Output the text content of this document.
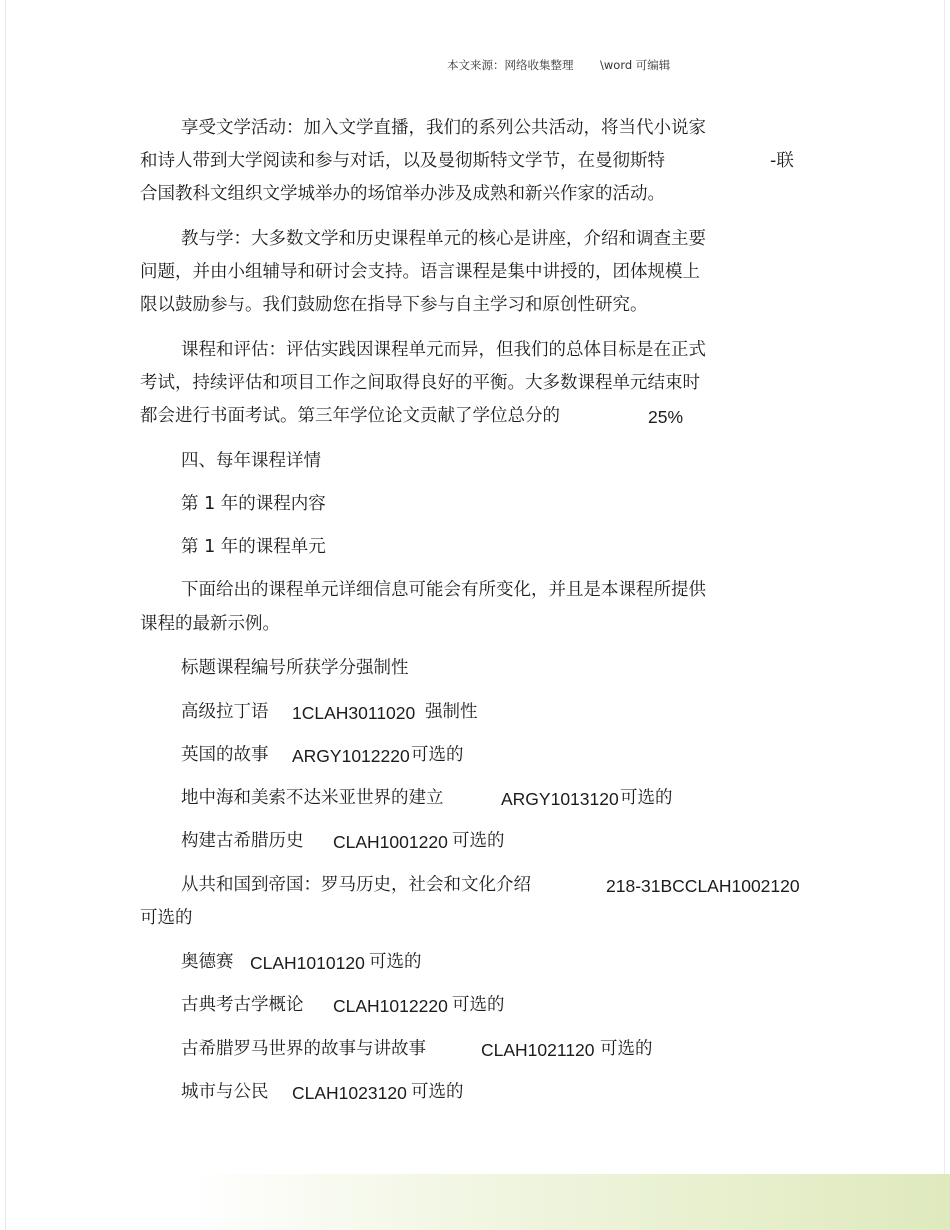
本文来源：网络收集整理 \word 可编辑
享受文学活动：加入文学直播，我们的系列公共活动，将当代小说家
和诗人带到大学阅读和参与对话，以及曼彻斯特文学节，在曼彻斯特	-联
合国教科文组织文学城举办的场馆举办涉及成熟和新兴作家的活动。
教与学：大多数文学和历史课程单元的核心是讲座，介绍和调查主要
问题，并由小组辅导和研讨会支持。语言课程是集中讲授的，团体规模上
限以鼓励参与。我们鼓励您在指导下参与自主学习和原创性研究。
课程和评估：评估实践因课程单元而异，但我们的总体目标是在正式
考试，持续评估和项目工作之间取得良好的平衡。大多数课程单元结束时
都会进行书面考试。第三年学位论文贡献了学位总分的	25%
四、每年课程详情
第 1 年的课程内容
第 1 年的课程单元
下面给出的课程单元详细信息可能会有所变化，并且是本课程所提供
课程的最新示例。
标题课程编号所获学分强制性
高级拉丁语 1CLAH3011020 强制性
英国的故事 ARGY1012220 可选的
地中海和美索不达米亚世界的建立	ARGY1013120 可选的
构建古希腊历史 CLAH1001220 可选的
从共和国到帝国：罗马历史，社会和文化介绍	218-31BCCLAH1002120
可选的
奥德赛 CLAH1010120 可选的
古典考古学概论 CLAH1012220 可选的
古希腊罗马世界的故事与讲故事	CLAH1021120 可选的
城市与公民 CLAH1023120 可选的
